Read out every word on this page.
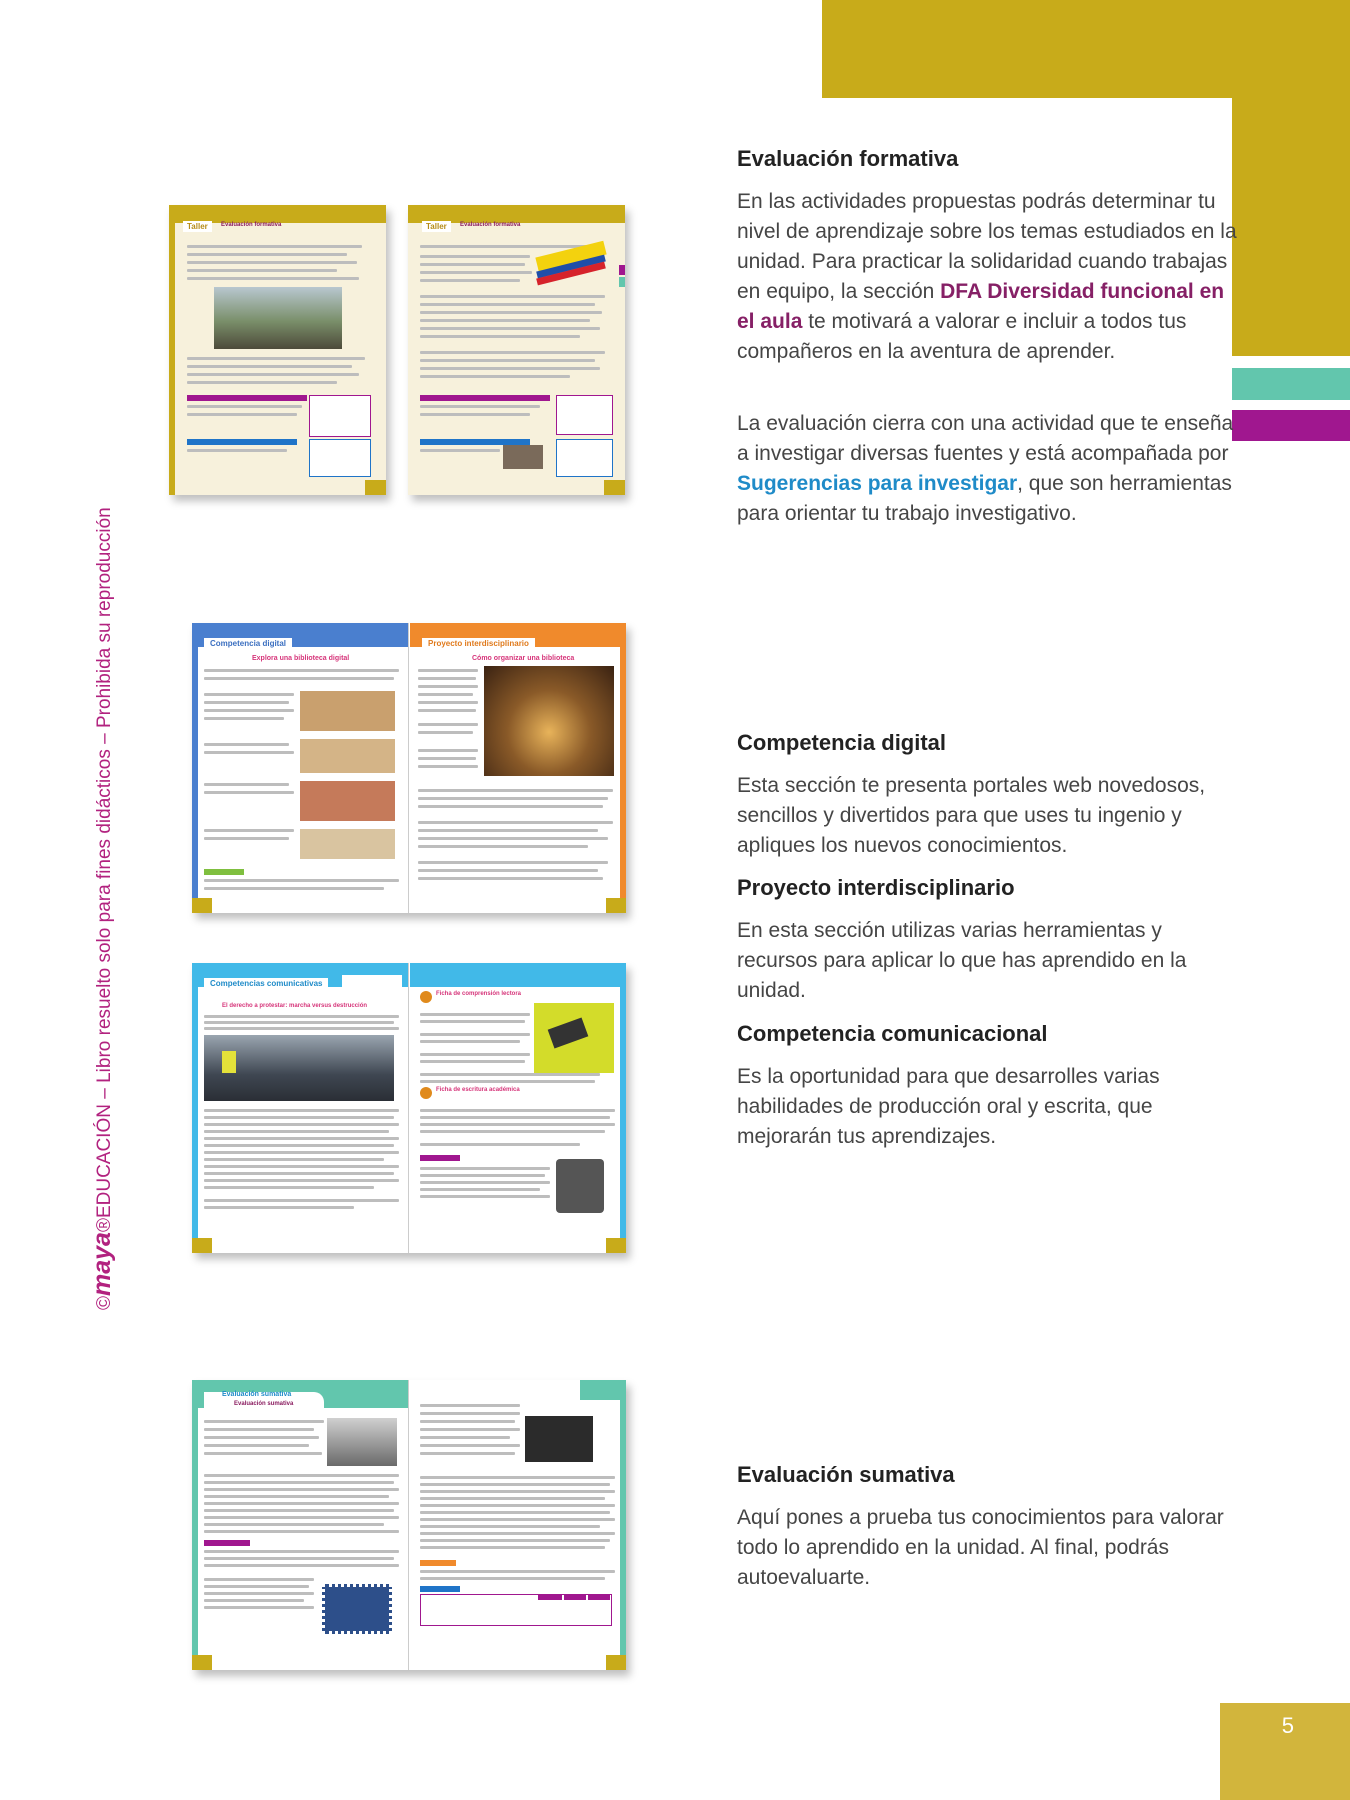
5
©maya®EDUCACIÓN – Libro resuelto solo para fines didácticos – Prohibida su reproducción
Evaluación formativa
En las actividades propuestas podrás determinar tu nivel de aprendizaje sobre los temas estudiados en la unidad. Para practicar la solidaridad cuando trabajas en equipo, la sección DFA Diversidad funcional en el aula te motivará a valorar e incluir a todos tus compañeros en la aventura de aprender.
La evaluación cierra con una actividad que te enseña a investigar diversas fuentes y está acompañada por Sugerencias para investigar, que son herramientas para orientar tu trabajo investigativo.
Competencia digital
Esta sección te presenta portales web novedosos, sencillos y divertidos para que uses tu ingenio y apliques los nuevos conocimientos.
Proyecto interdisciplinario
En esta sección utilizas varias herramientas y recursos para aplicar lo que has aprendido en la unidad.
Competencia comunicacional
Es la oportunidad para que desarrolles varias habilidades de producción oral y escrita, que mejorarán tus aprendizajes.
Evaluación sumativa
Aquí pones a prueba tus conocimientos para valorar todo lo aprendido en la unidad. Al final, podrás autoevaluarte.
Taller	Evaluación formativa	Taller	Evaluación formativa
Competencia digital
Explora una biblioteca digital
Proyecto interdisciplinario
Cómo organizar una biblioteca
Competencias comunicativas
El derecho a protestar: marcha versus destrucción
Ficha de comprensión lectora
Ficha de escritura académica
Evaluación sumativa
Evaluación sumativa
